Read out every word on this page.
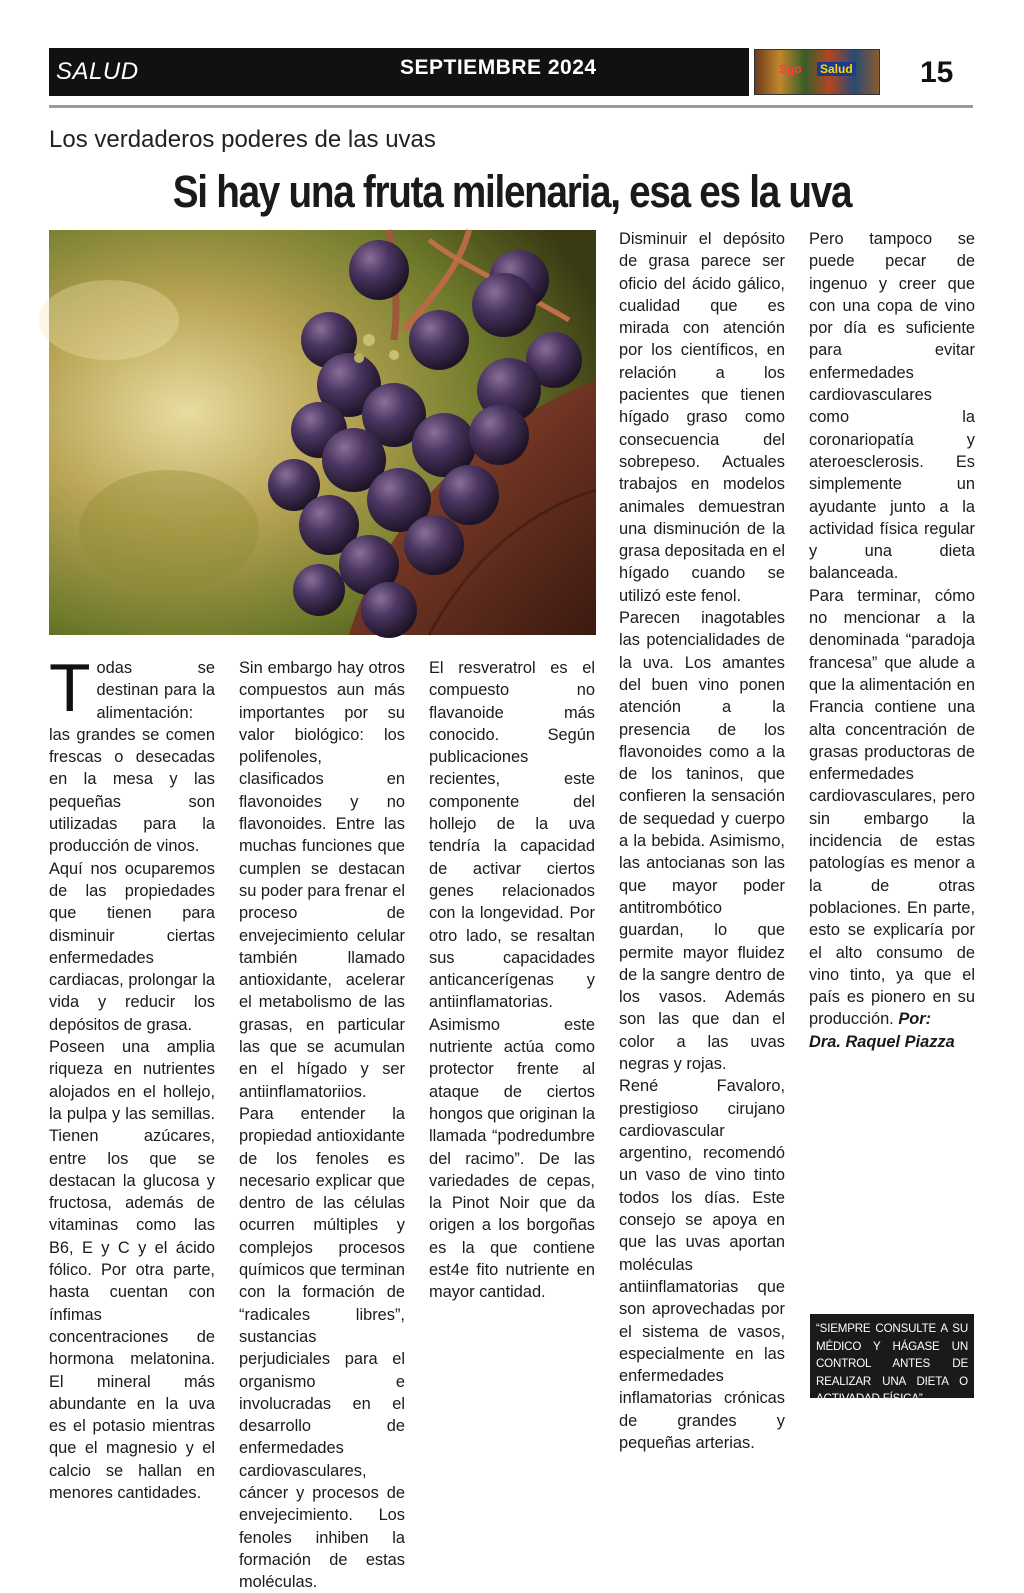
SALUD	SEPTIEMBRE 2024	Sgo Salud 15
Los verdaderos poderes de las uvas
Si hay una fruta milenaria, esa es la uva

Todas se destinan para la alimentación: las grandes se comen frescas o desecadas en la mesa y las pequeñas son utilizadas para la producción de vinos.

Aquí nos ocuparemos de las propiedades que tienen para disminuir ciertas enfermedades cardiacas, prolongar la vida y reducir los depósitos de grasa.

Poseen una amplia riqueza en nutrientes alojados en el hollejo, la pulpa y las semillas. Tienen azúcares, entre los que se destacan la glucosa y fructosa, además de vitaminas como las B6, E y C y el ácido fólico. Por otra parte, hasta cuentan con ínfimas concentraciones de hormona melatonina. El mineral más abundante en la uva es el potasio mientras que el magnesio y el calcio se hallan en menores cantidades.

Sin embargo hay otros compuestos aun más importantes por su valor biológico: los polifenoles, clasificados en flavonoides y no flavonoides. Entre las muchas funciones que cumplen se destacan su poder para frenar el proceso de envejecimiento celular también llamado antioxidante, acelerar el metabolismo de las grasas, en particular las que se acumulan en el hígado y ser antiinflamatoriios.

Para entender la propiedad antioxidante de los fenoles es necesario explicar que dentro de las células ocurren múltiples y complejos procesos químicos que terminan con la formación de “radicales libres”, sustancias perjudiciales para el organismo e involucradas en el desarrollo de enfermedades cardiovasculares, cáncer y procesos de envejecimiento. Los fenoles inhiben la formación de estas moléculas.

El resveratrol es el compuesto no flavanoide más conocido. Según publicaciones recientes, este componente del hollejo de la uva tendría la capacidad de activar ciertos genes relacionados con la longevidad. Por otro lado, se resaltan sus capacidades anticancerígenas y antiinflamatorias.

Asimismo este nutriente actúa como protector frente al ataque de ciertos hongos que originan la llamada “podredumbre del racimo”. De las variedades de cepas, la Pinot Noir que da origen a los borgoñas es la que contiene est4e fito nutriente en mayor cantidad.

Disminuir el depósito de grasa parece ser oficio del ácido gálico, cualidad que es mirada con atención por los científicos, en relación a los pacientes que tienen hígado graso como consecuencia del sobrepeso. Actuales trabajos en modelos animales demuestran una disminución de la grasa depositada en el hígado cuando se utilizó este fenol.

Parecen inagotables las potencialidades de la uva. Los amantes del buen vino ponen atención a la presencia de los flavonoides como a la de los taninos, que confieren la sensación de sequedad y cuerpo a la bebida. Asimismo, las antocianas son las que mayor poder antitrombótico guardan, lo que permite mayor fluidez de la sangre dentro de los vasos. Además son las que dan el color a las uvas negras y rojas.

René Favaloro, prestigioso cirujano cardiovascular argentino, recomendó un vaso de vino tinto todos los días. Este consejo se apoya en que las uvas aportan moléculas antiinflamatorias que son aprovechadas por el sistema de vasos, especialmente en las enfermedades inflamatorias crónicas de grandes y pequeñas arterias.

Pero tampoco se puede pecar de ingenuo y creer que con una copa de vino por día es suficiente para evitar enfermedades cardiovasculares como la coronariopatía y ateroesclerosis. Es simplemente un ayudante junto a la actividad física regular y una dieta balanceada.

Para terminar, cómo no mencionar a la denominada “paradoja francesa” que alude a que la alimentación en Francia contiene una alta concentración de grasas productoras de enfermedades cardiovasculares, pero sin embargo la incidencia de estas patologías es menor a la de otras poblaciones. En parte, esto se explicaría por el alto consumo de vino tinto, ya que el país es pionero en su producción. Por:
Dra. Raquel Piazza

“SIEMPRE CONSULTE A SU MÉDICO Y HÁGASE UN CONTROL ANTES DE REALIZAR UNA DIETA O ACTIVADAD FÍSICA”
